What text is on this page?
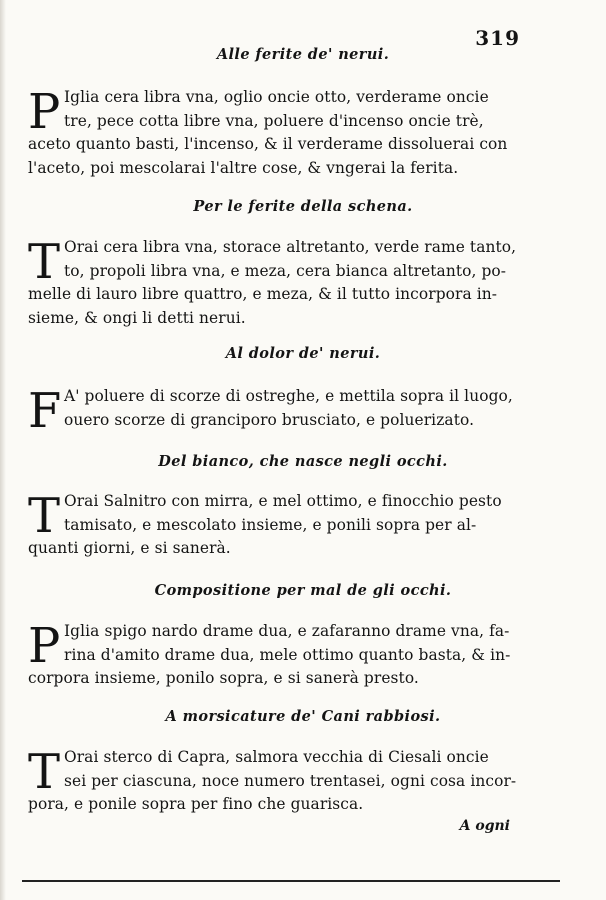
319
Alle ferite de' nerui.
P Iglia cera libra vna, oglio oncie otto, verderame oncie
tre, pece cotta libre vna, poluere d'incenso oncie trè,
aceto quanto basti, l'incenso, & il verderame dissoluerai con
l'aceto, poi mescolarai l'altre cose, & vngerai la ferita.
Per le ferite della schena.
T Orai cera libra vna, storace altretanto, verde rame tanto,
to, propoli libra vna, e meza, cera bianca altretanto, po-
melle di lauro libre quattro, e meza, & il tutto incorpora in-
sieme, & ongi li detti nerui.
Al dolor de' nerui.
F A' poluere di scorze di ostreghe, e mettila sopra il luogo,
ouero scorze di granciporo brusciato, e poluerizato.
Del bianco, che nasce negli occhi.
T Orai Salnitro con mirra, e mel ottimo, e finocchio pesto
tamisato, e mescolato insieme, e ponili sopra per al-
quanti giorni, e si sanerà.
Compositione per mal de gli occhi.
P Iglia spigo nardo drame dua, e zafaranno drame vna, fa-
rina d'amito drame dua, mele ottimo quanto basta, & in-
corpora insieme, ponilo sopra, e si sanerà presto.
A morsicature de' Cani rabbiosi.
T Orai sterco di Capra, salmora vecchia di Ciesali oncie
sei per ciascuna, noce numero trentasei, ogni cosa incor-
pora, e ponile sopra per fino che guarisca.
A ogni
